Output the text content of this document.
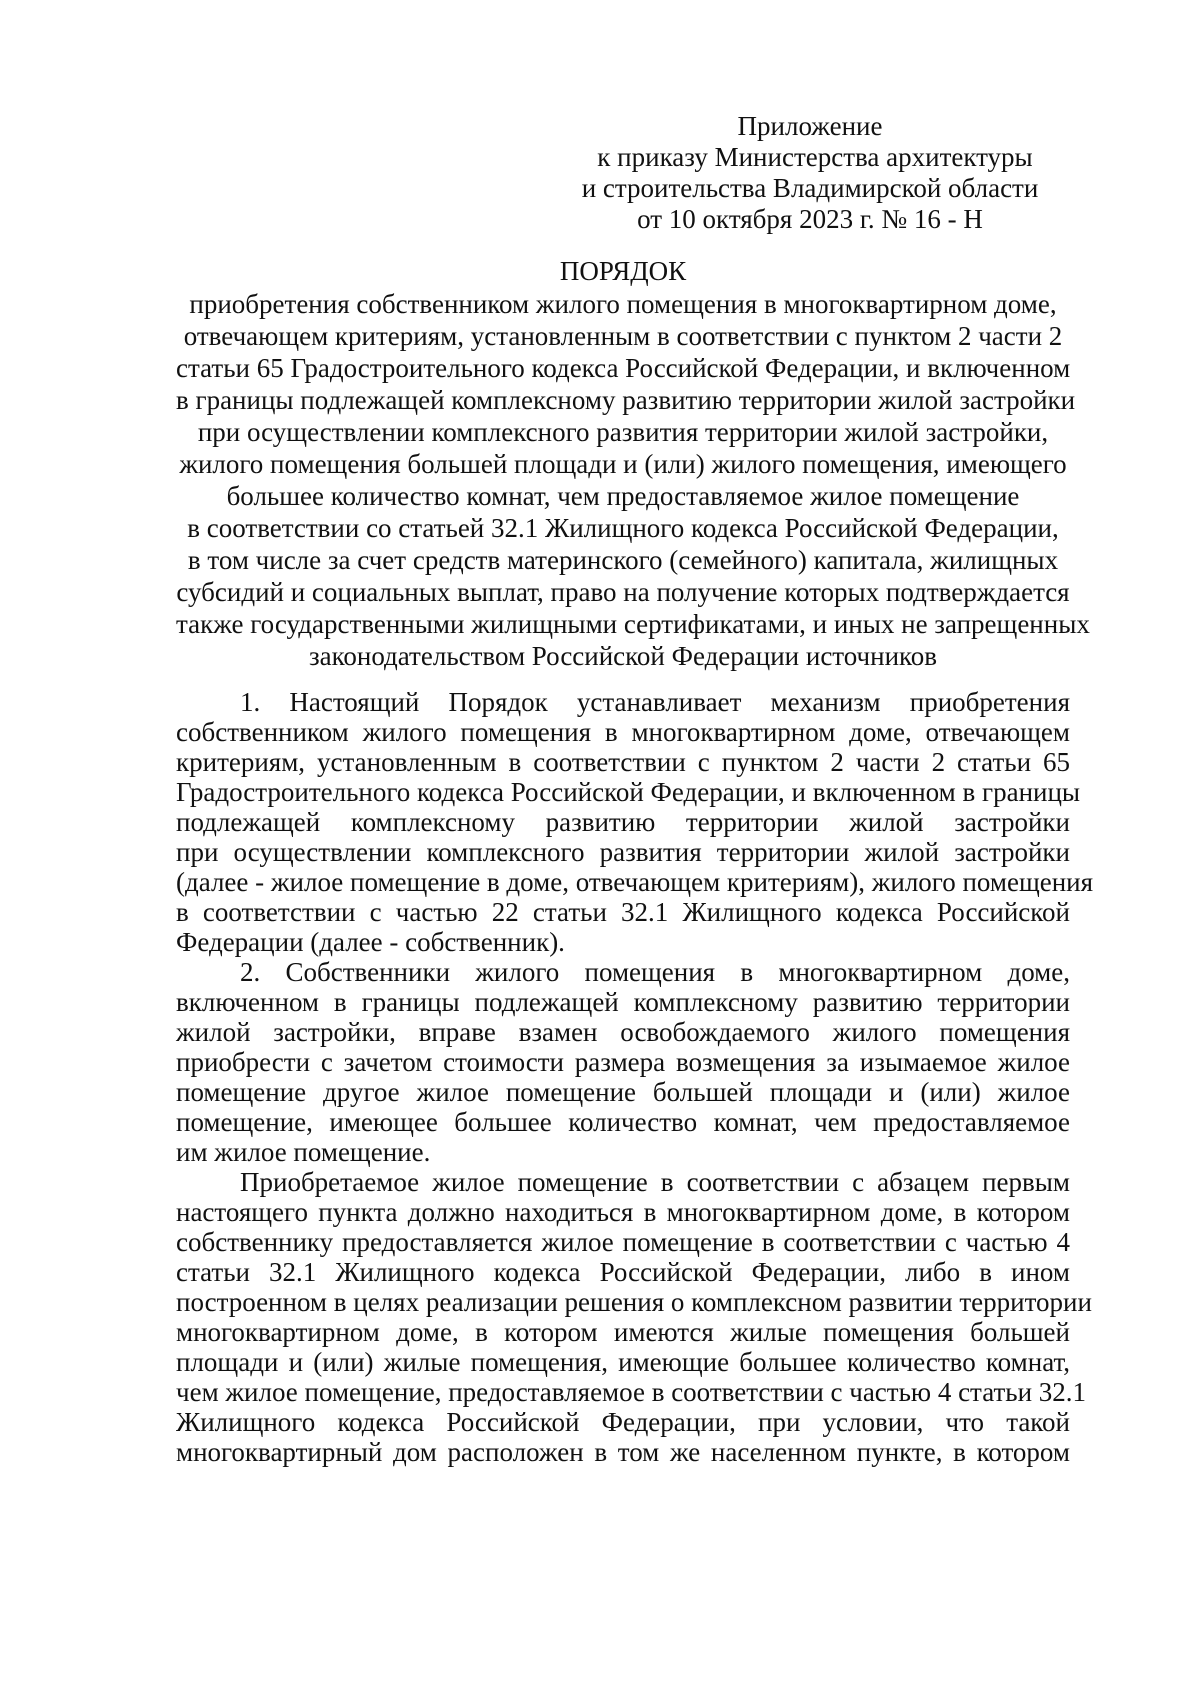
Приложение
к приказу Министерства архитектуры
и строительства Владимирской области
от 10 октября 2023 г. № 16 - Н
ПОРЯДОК
приобретения собственником жилого помещения в многоквартирном доме,
отвечающем критериям, установленным в соответствии с пунктом 2 части 2
статьи 65 Градостроительного кодекса Российской Федерации, и включенном
в границы подлежащей комплексному развитию территории жилой застройки
при осуществлении комплексного развития территории жилой застройки,
жилого помещения большей площади и (или) жилого помещения, имеющего
большее количество комнат, чем предоставляемое жилое помещение
в соответствии со статьей 32.1 Жилищного кодекса Российской Федерации,
в том числе за счет средств материнского (семейного) капитала, жилищных
субсидий и социальных выплат, право на получение которых подтверждается
также государственными жилищными сертификатами, и иных не запрещенных
законодательством Российской Федерации источников
1. Настоящий Порядок устанавливает механизм приобретения
собственником жилого помещения в многоквартирном доме, отвечающем
критериям, установленным в соответствии с пунктом 2 части 2 статьи 65
Градостроительного кодекса Российской Федерации, и включенном в границы
подлежащей комплексному развитию территории жилой застройки
при осуществлении комплексного развития территории жилой застройки
(далее - жилое помещение в доме, отвечающем критериям), жилого помещения
в соответствии с частью 22 статьи 32.1 Жилищного кодекса Российской
Федерации (далее - собственник).
2. Собственники жилого помещения в многоквартирном доме,
включенном в границы подлежащей комплексному развитию территории
жилой застройки, вправе взамен освобождаемого жилого помещения
приобрести с зачетом стоимости размера возмещения за изымаемое жилое
помещение другое жилое помещение большей площади и (или) жилое
помещение, имеющее большее количество комнат, чем предоставляемое
им жилое помещение.
Приобретаемое жилое помещение в соответствии с абзацем первым
настоящего пункта должно находиться в многоквартирном доме, в котором
собственнику предоставляется жилое помещение в соответствии с частью 4
статьи 32.1 Жилищного кодекса Российской Федерации, либо в ином
построенном в целях реализации решения о комплексном развитии территории
многоквартирном доме, в котором имеются жилые помещения большей
площади и (или) жилые помещения, имеющие большее количество комнат,
чем жилое помещение, предоставляемое в соответствии с частью 4 статьи 32.1
Жилищного кодекса Российской Федерации, при условии, что такой
многоквартирный дом расположен в том же населенном пункте, в котором
